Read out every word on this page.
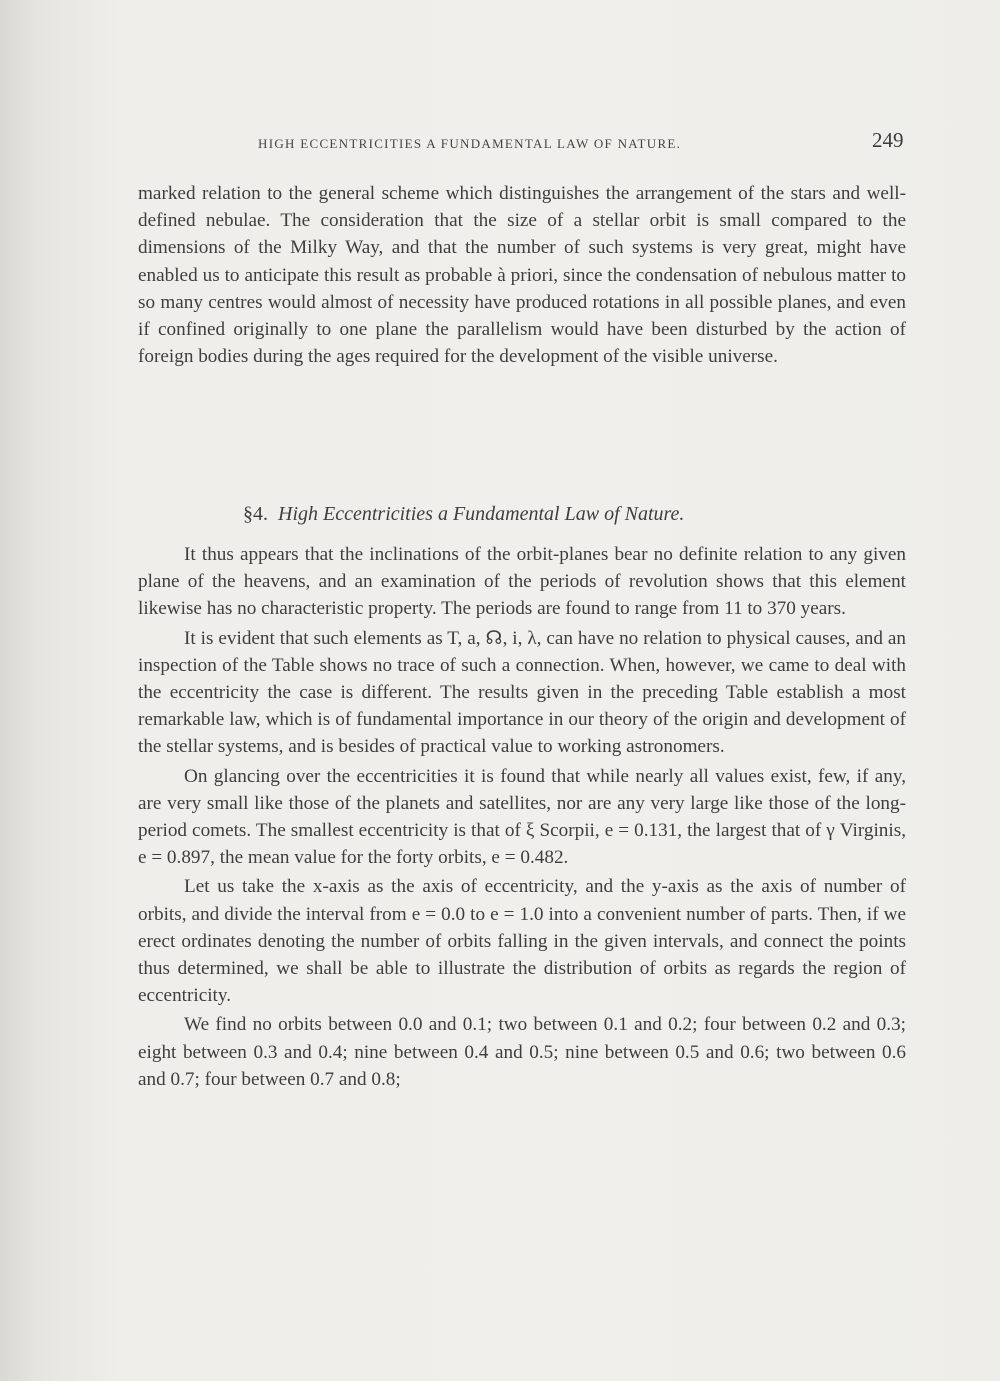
HIGH ECCENTRICITIES A FUNDAMENTAL LAW OF NATURE.	249

marked relation to the general scheme which distinguishes the arrangement of the stars and well-defined nebulae. The consideration that the size of a stellar orbit is small compared to the dimensions of the Milky Way, and that the number of such systems is very great, might have enabled us to anticipate this result as probable à priori, since the condensation of nebulous matter to so many centres would almost of necessity have produced rotations in all possible planes, and even if confined originally to one plane the parallelism would have been disturbed by the action of foreign bodies during the ages required for the development of the visible universe.

§4. High Eccentricities a Fundamental Law of Nature.

It thus appears that the inclinations of the orbit-planes bear no definite relation to any given plane of the heavens, and an examination of the periods of revolution shows that this element likewise has no characteristic property. The periods are found to range from 11 to 370 years.

It is evident that such elements as T, a, ☊, i, λ, can have no relation to physical causes, and an inspection of the Table shows no trace of such a connection. When, however, we came to deal with the eccentricity the case is different. The results given in the preceding Table establish a most remarkable law, which is of fundamental importance in our theory of the origin and development of the stellar systems, and is besides of practical value to working astronomers.

On glancing over the eccentricities it is found that while nearly all values exist, few, if any, are very small like those of the planets and satellites, nor are any very large like those of the long-period comets. The smallest eccentricity is that of ξ Scorpii, e = 0.131, the largest that of γ Virginis, e = 0.897, the mean value for the forty orbits, e = 0.482.

Let us take the x-axis as the axis of eccentricity, and the y-axis as the axis of number of orbits, and divide the interval from e = 0.0 to e = 1.0 into a convenient number of parts. Then, if we erect ordinates denoting the number of orbits falling in the given intervals, and connect the points thus determined, we shall be able to illustrate the distribution of orbits as regards the region of eccentricity.

We find no orbits between 0.0 and 0.1; two between 0.1 and 0.2; four between 0.2 and 0.3; eight between 0.3 and 0.4; nine between 0.4 and 0.5; nine between 0.5 and 0.6; two between 0.6 and 0.7; four between 0.7 and 0.8;
